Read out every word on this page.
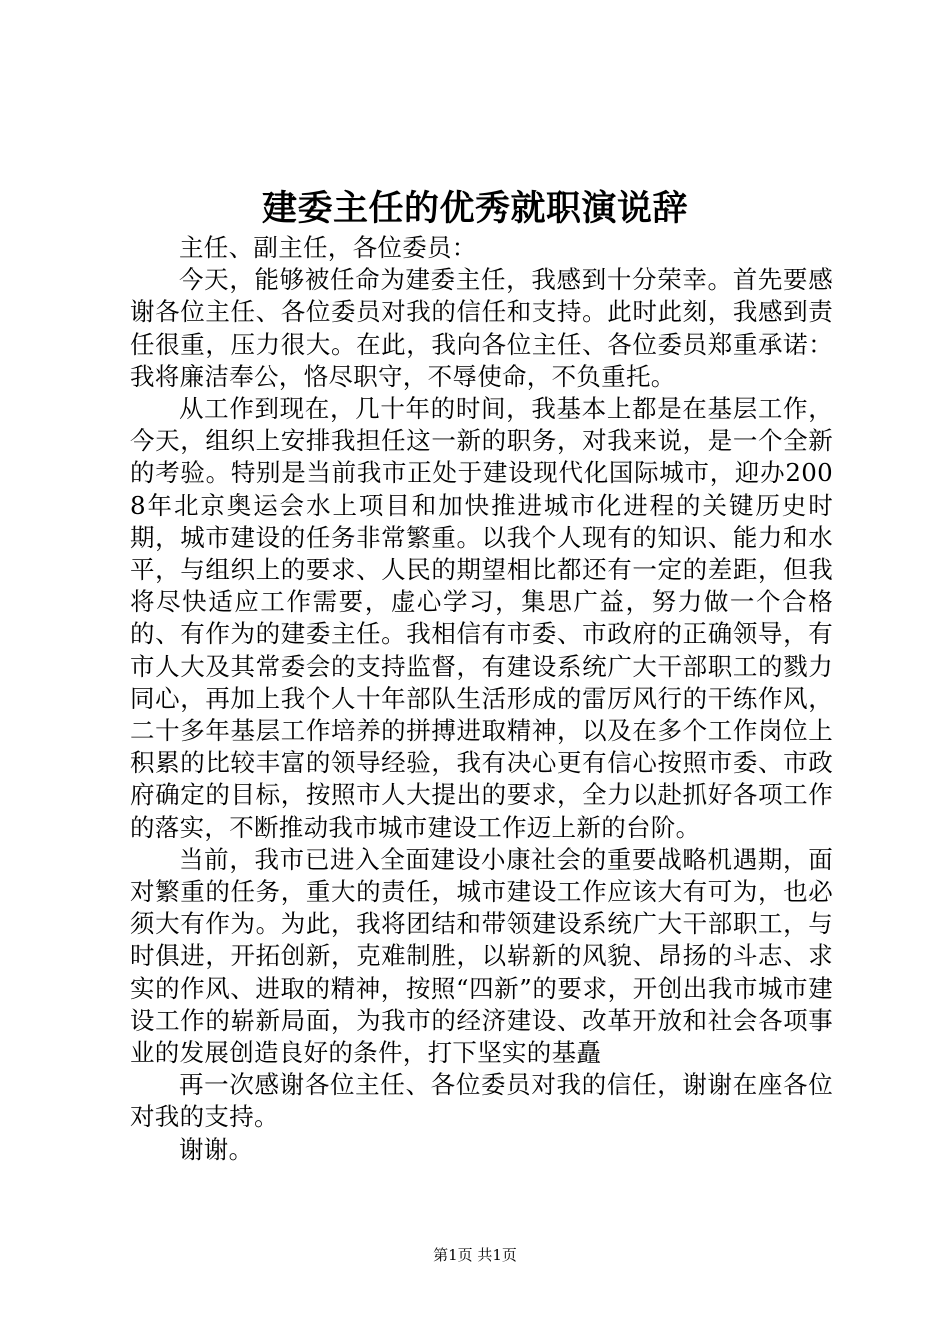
建委主任的优秀就职演说辞

主任、副主任，各位委员：

今天，能够被任命为建委主任，我感到十分荣幸。首先要感谢各位主任、各位委员对我的信任和支持。此时此刻，我感到责任很重，压力很大。在此，我向各位主任、各位委员郑重承诺：我将廉洁奉公，恪尽职守，不辱使命，不负重托。

从工作到现在，几十年的时间，我基本上都是在基层工作，今天，组织上安排我担任这一新的职务，对我来说，是一个全新的考验。特别是当前我市正处于建设现代化国际城市，迎办2008年北京奥运会水上项目和加快推进城市化进程的关键历史时期，城市建设的任务非常繁重。以我个人现有的知识、能力和水平，与组织上的要求、人民的期望相比都还有一定的差距，但我将尽快适应工作需要，虚心学习，集思广益，努力做一个合格的、有作为的建委主任。我相信有市委、市政府的正确领导，有市人大及其常委会的支持监督，有建设系统广大干部职工的戮力同心，再加上我个人十年部队生活形成的雷厉风行的干练作风，二十多年基层工作培养的拼搏进取精神，以及在多个工作岗位上积累的比较丰富的领导经验，我有决心更有信心按照市委、市政府确定的目标，按照市人大提出的要求，全力以赴抓好各项工作的落实，不断推动我市城市建设工作迈上新的台阶。

当前，我市已进入全面建设小康社会的重要战略机遇期，面对繁重的任务，重大的责任，城市建设工作应该大有可为，也必须大有作为。为此，我将团结和带领建设系统广大干部职工，与时俱进，开拓创新，克难制胜，以崭新的风貌、昂扬的斗志、求实的作风、进取的精神，按照“四新”的要求，开创出我市城市建设工作的崭新局面，为我市的经济建设、改革开放和社会各项事业的发展创造良好的条件，打下坚实的基矗

再一次感谢各位主任、各位委员对我的信任，谢谢在座各位对我的支持。

谢谢。

第1页 共1页
